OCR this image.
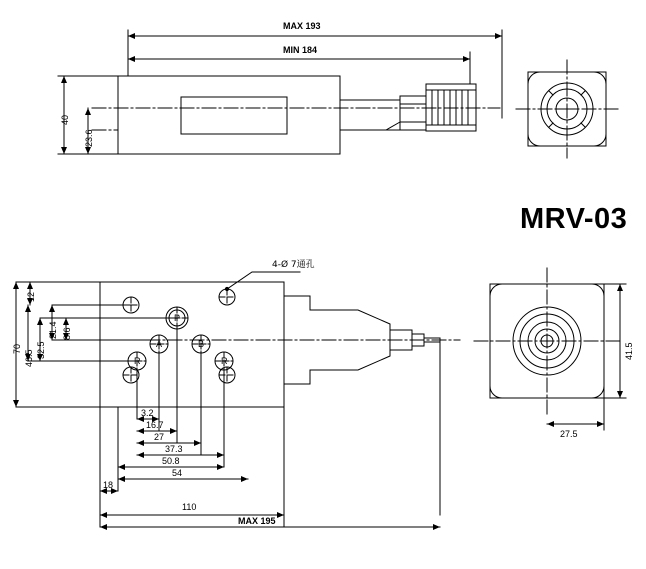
MRV-03
MAX 193
MIN 184
40
23.6
4-Ø 7通孔
P
A	B
R	R
12
21.4 8.6
32.5
46.5
70
3.2
16.7
27
37.3
50.8
54
18
110
MAX 195
41.5
27.5
